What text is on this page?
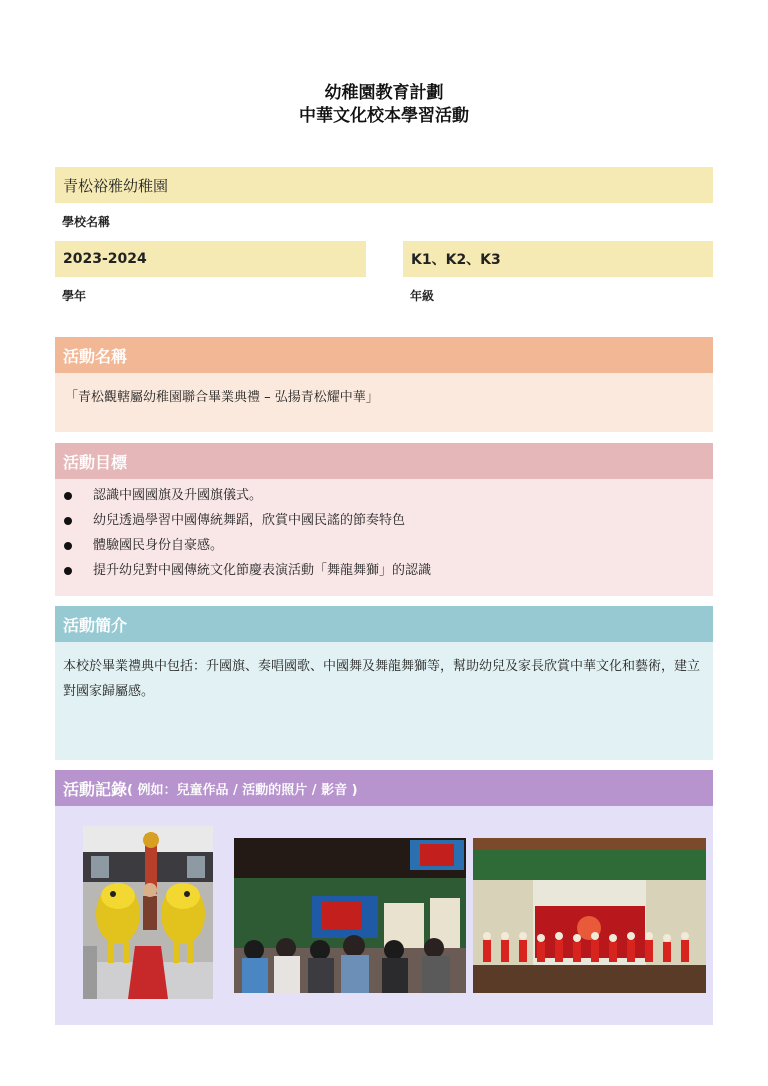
幼稚園教育計劃
中華文化校本學習活動
青松裕雅幼稚園
學校名稱
2023-2024
學年
K1、K2、K3
年級
活動名稱
「青松觀轄屬幼稚園聯合畢業典禮 – 弘揚青松耀中華」
活動目標
認識中國國旗及升國旗儀式。
幼兒透過學習中國傳統舞蹈，欣賞中國民謠的節奏特色
體驗國民身份自豪感。
提升幼兒對中國傳統文化節慶表演活動「舞龍舞獅」的認識
活動簡介
本校於畢業禮典中包括：升國旗、奏唱國歌、中國舞及舞龍舞獅等，幫助幼兒及家長欣賞中華文化和藝術，建立對國家歸屬感。
活動記錄 ( 例如：兒童作品 / 活動的照片 / 影音 )
